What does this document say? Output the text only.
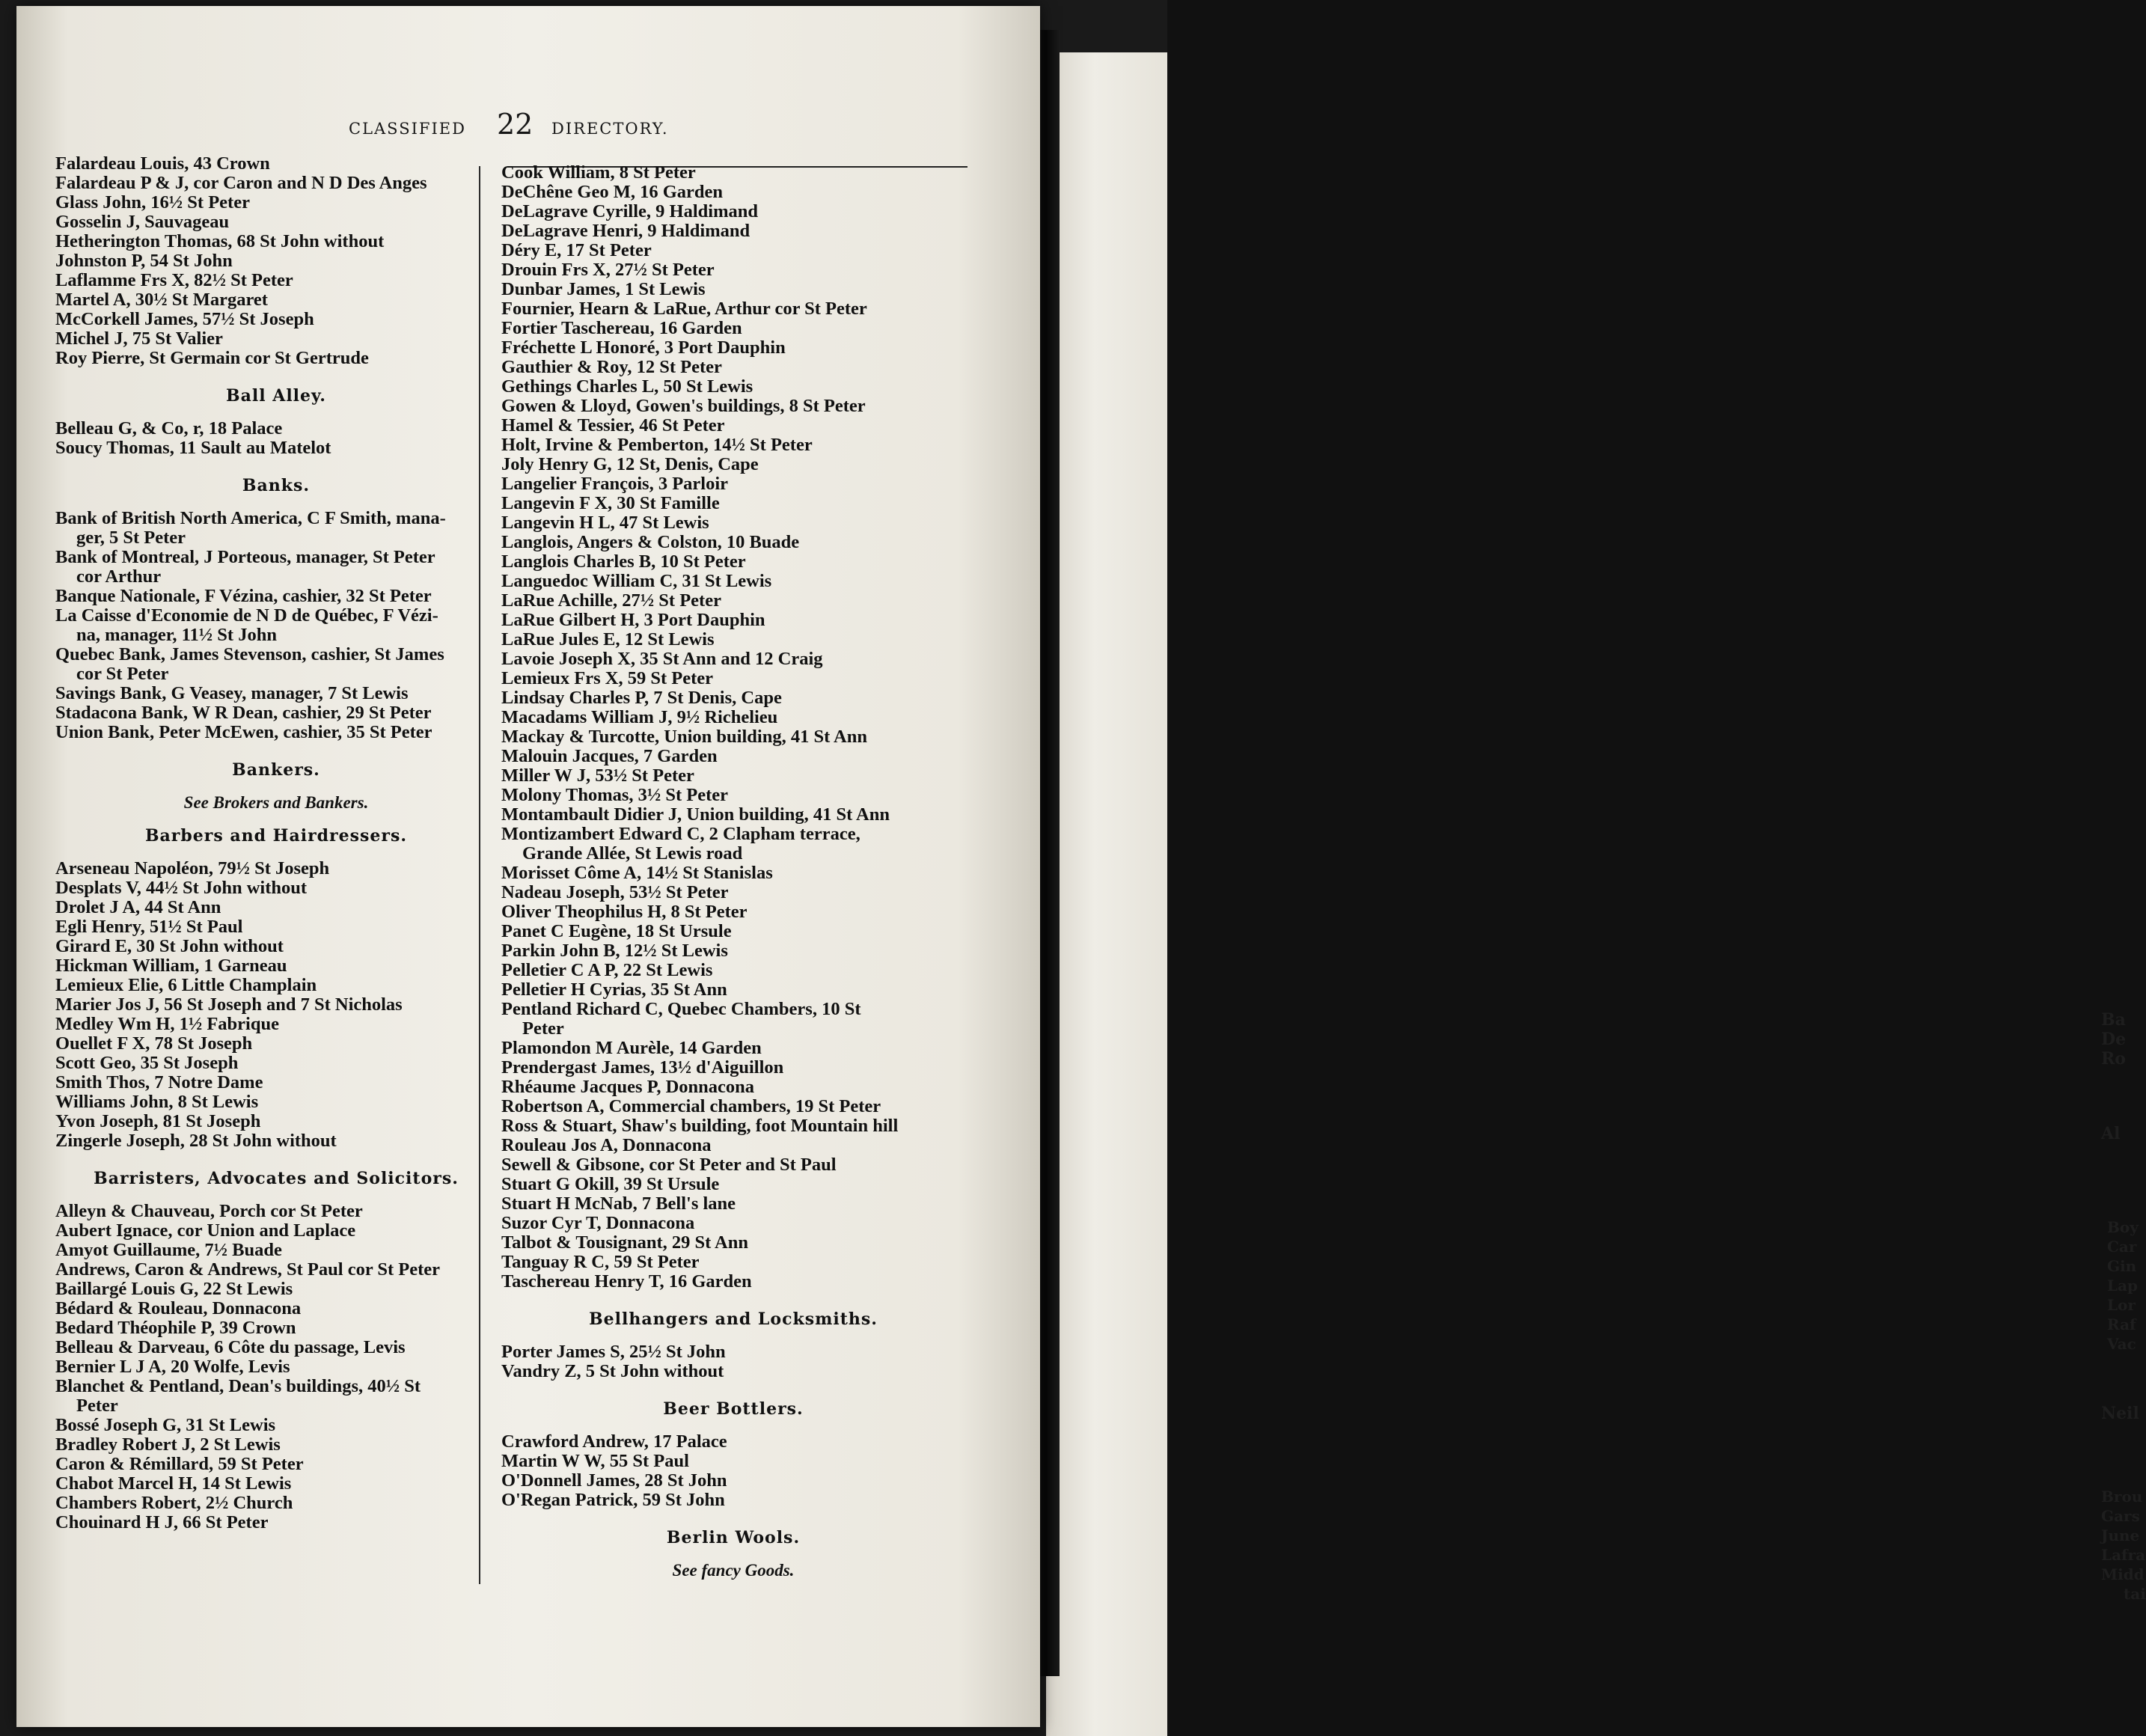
Ba
De
Ro
Al
Boy
Car
Gin
Lap
Lor
Raf
Vac
Neil
Brou
Gars
June
Lafra
Midd
tai
CLASSIFIED 22 DIRECTORY.
Falardeau Louis, 43 Crown
Falardeau P & J, cor Caron and N D Des Anges
Glass John, 16½ St Peter
Gosselin J, Sauvageau
Hetherington Thomas, 68 St John without
Johnston P, 54 St John
Laflamme Frs X, 82½ St Peter
Martel A, 30½ St Margaret
McCorkell James, 57½ St Joseph
Michel J, 75 St Valier
Roy Pierre, St Germain cor St Gertrude
Ball Alley.
Belleau G, & Co, r, 18 Palace
Soucy Thomas, 11 Sault au Matelot
Banks.
Bank of British North America, C F Smith, mana-
ger, 5 St Peter
Bank of Montreal, J Porteous, manager, St Peter
cor Arthur
Banque Nationale, F Vézina, cashier, 32 St Peter
La Caisse d'Economie de N D de Québec, F Vézi-
na, manager, 11½ St John
Quebec Bank, James Stevenson, cashier, St James
cor St Peter
Savings Bank, G Veasey, manager, 7 St Lewis
Stadacona Bank, W R Dean, cashier, 29 St Peter
Union Bank, Peter McEwen, cashier, 35 St Peter
Bankers.
See Brokers and Bankers.
Barbers and Hairdressers.
Arseneau Napoléon, 79½ St Joseph
Desplats V, 44½ St John without
Drolet J A, 44 St Ann
Egli Henry, 51½ St Paul
Girard E, 30 St John without
Hickman William, 1 Garneau
Lemieux Elie, 6 Little Champlain
Marier Jos J, 56 St Joseph and 7 St Nicholas
Medley Wm H, 1½ Fabrique
Ouellet F X, 78 St Joseph
Scott Geo, 35 St Joseph
Smith Thos, 7 Notre Dame
Williams John, 8 St Lewis
Yvon Joseph, 81 St Joseph
Zingerle Joseph, 28 St John without
Barristers, Advocates and Solicitors.
Alleyn & Chauveau, Porch cor St Peter
Aubert Ignace, cor Union and Laplace
Amyot Guillaume, 7½ Buade
Andrews, Caron & Andrews, St Paul cor St Peter
Baillargé Louis G, 22 St Lewis
Bédard & Rouleau, Donnacona
Bedard Théophile P, 39 Crown
Belleau & Darveau, 6 Côte du passage, Levis
Bernier L J A, 20 Wolfe, Levis
Blanchet & Pentland, Dean's buildings, 40½ St
Peter
Bossé Joseph G, 31 St Lewis
Bradley Robert J, 2 St Lewis
Caron & Rémillard, 59 St Peter
Chabot Marcel H, 14 St Lewis
Chambers Robert, 2½ Church
Chouinard H J, 66 St Peter
Cook William, 8 St Peter
DeChêne Geo M, 16 Garden
DeLagrave Cyrille, 9 Haldimand
DeLagrave Henri, 9 Haldimand
Déry E, 17 St Peter
Drouin Frs X, 27½ St Peter
Dunbar James, 1 St Lewis
Fournier, Hearn & LaRue, Arthur cor St Peter
Fortier Taschereau, 16 Garden
Fréchette L Honoré, 3 Port Dauphin
Gauthier & Roy, 12 St Peter
Gethings Charles L, 50 St Lewis
Gowen & Lloyd, Gowen's buildings, 8 St Peter
Hamel & Tessier, 46 St Peter
Holt, Irvine & Pemberton, 14½ St Peter
Joly Henry G, 12 St, Denis, Cape
Langelier François, 3 Parloir
Langevin F X, 30 St Famille
Langevin H L, 47 St Lewis
Langlois, Angers & Colston, 10 Buade
Langlois Charles B, 10 St Peter
Languedoc William C, 31 St Lewis
LaRue Achille, 27½ St Peter
LaRue Gilbert H, 3 Port Dauphin
LaRue Jules E, 12 St Lewis
Lavoie Joseph X, 35 St Ann and 12 Craig
Lemieux Frs X, 59 St Peter
Lindsay Charles P, 7 St Denis, Cape
Macadams William J, 9½ Richelieu
Mackay & Turcotte, Union building, 41 St Ann
Malouin Jacques, 7 Garden
Miller W J, 53½ St Peter
Molony Thomas, 3½ St Peter
Montambault Didier J, Union building, 41 St Ann
Montizambert Edward C, 2 Clapham terrace,
Grande Allée, St Lewis road
Morisset Côme A, 14½ St Stanislas
Nadeau Joseph, 53½ St Peter
Oliver Theophilus H, 8 St Peter
Panet C Eugène, 18 St Ursule
Parkin John B, 12½ St Lewis
Pelletier C A P, 22 St Lewis
Pelletier H Cyrias, 35 St Ann
Pentland Richard C, Quebec Chambers, 10 St
Peter
Plamondon M Aurèle, 14 Garden
Prendergast James, 13½ d'Aiguillon
Rhéaume Jacques P, Donnacona
Robertson A, Commercial chambers, 19 St Peter
Ross & Stuart, Shaw's building, foot Mountain hill
Rouleau Jos A, Donnacona
Sewell & Gibsone, cor St Peter and St Paul
Stuart G Okill, 39 St Ursule
Stuart H McNab, 7 Bell's lane
Suzor Cyr T, Donnacona
Talbot & Tousignant, 29 St Ann
Tanguay R C, 59 St Peter
Taschereau Henry T, 16 Garden
Bellhangers and Locksmiths.
Porter James S, 25½ St John
Vandry Z, 5 St John without
Beer Bottlers.
Crawford Andrew, 17 Palace
Martin W W, 55 St Paul
O'Donnell James, 28 St John
O'Regan Patrick, 59 St John
Berlin Wools.
See fancy Goods.
